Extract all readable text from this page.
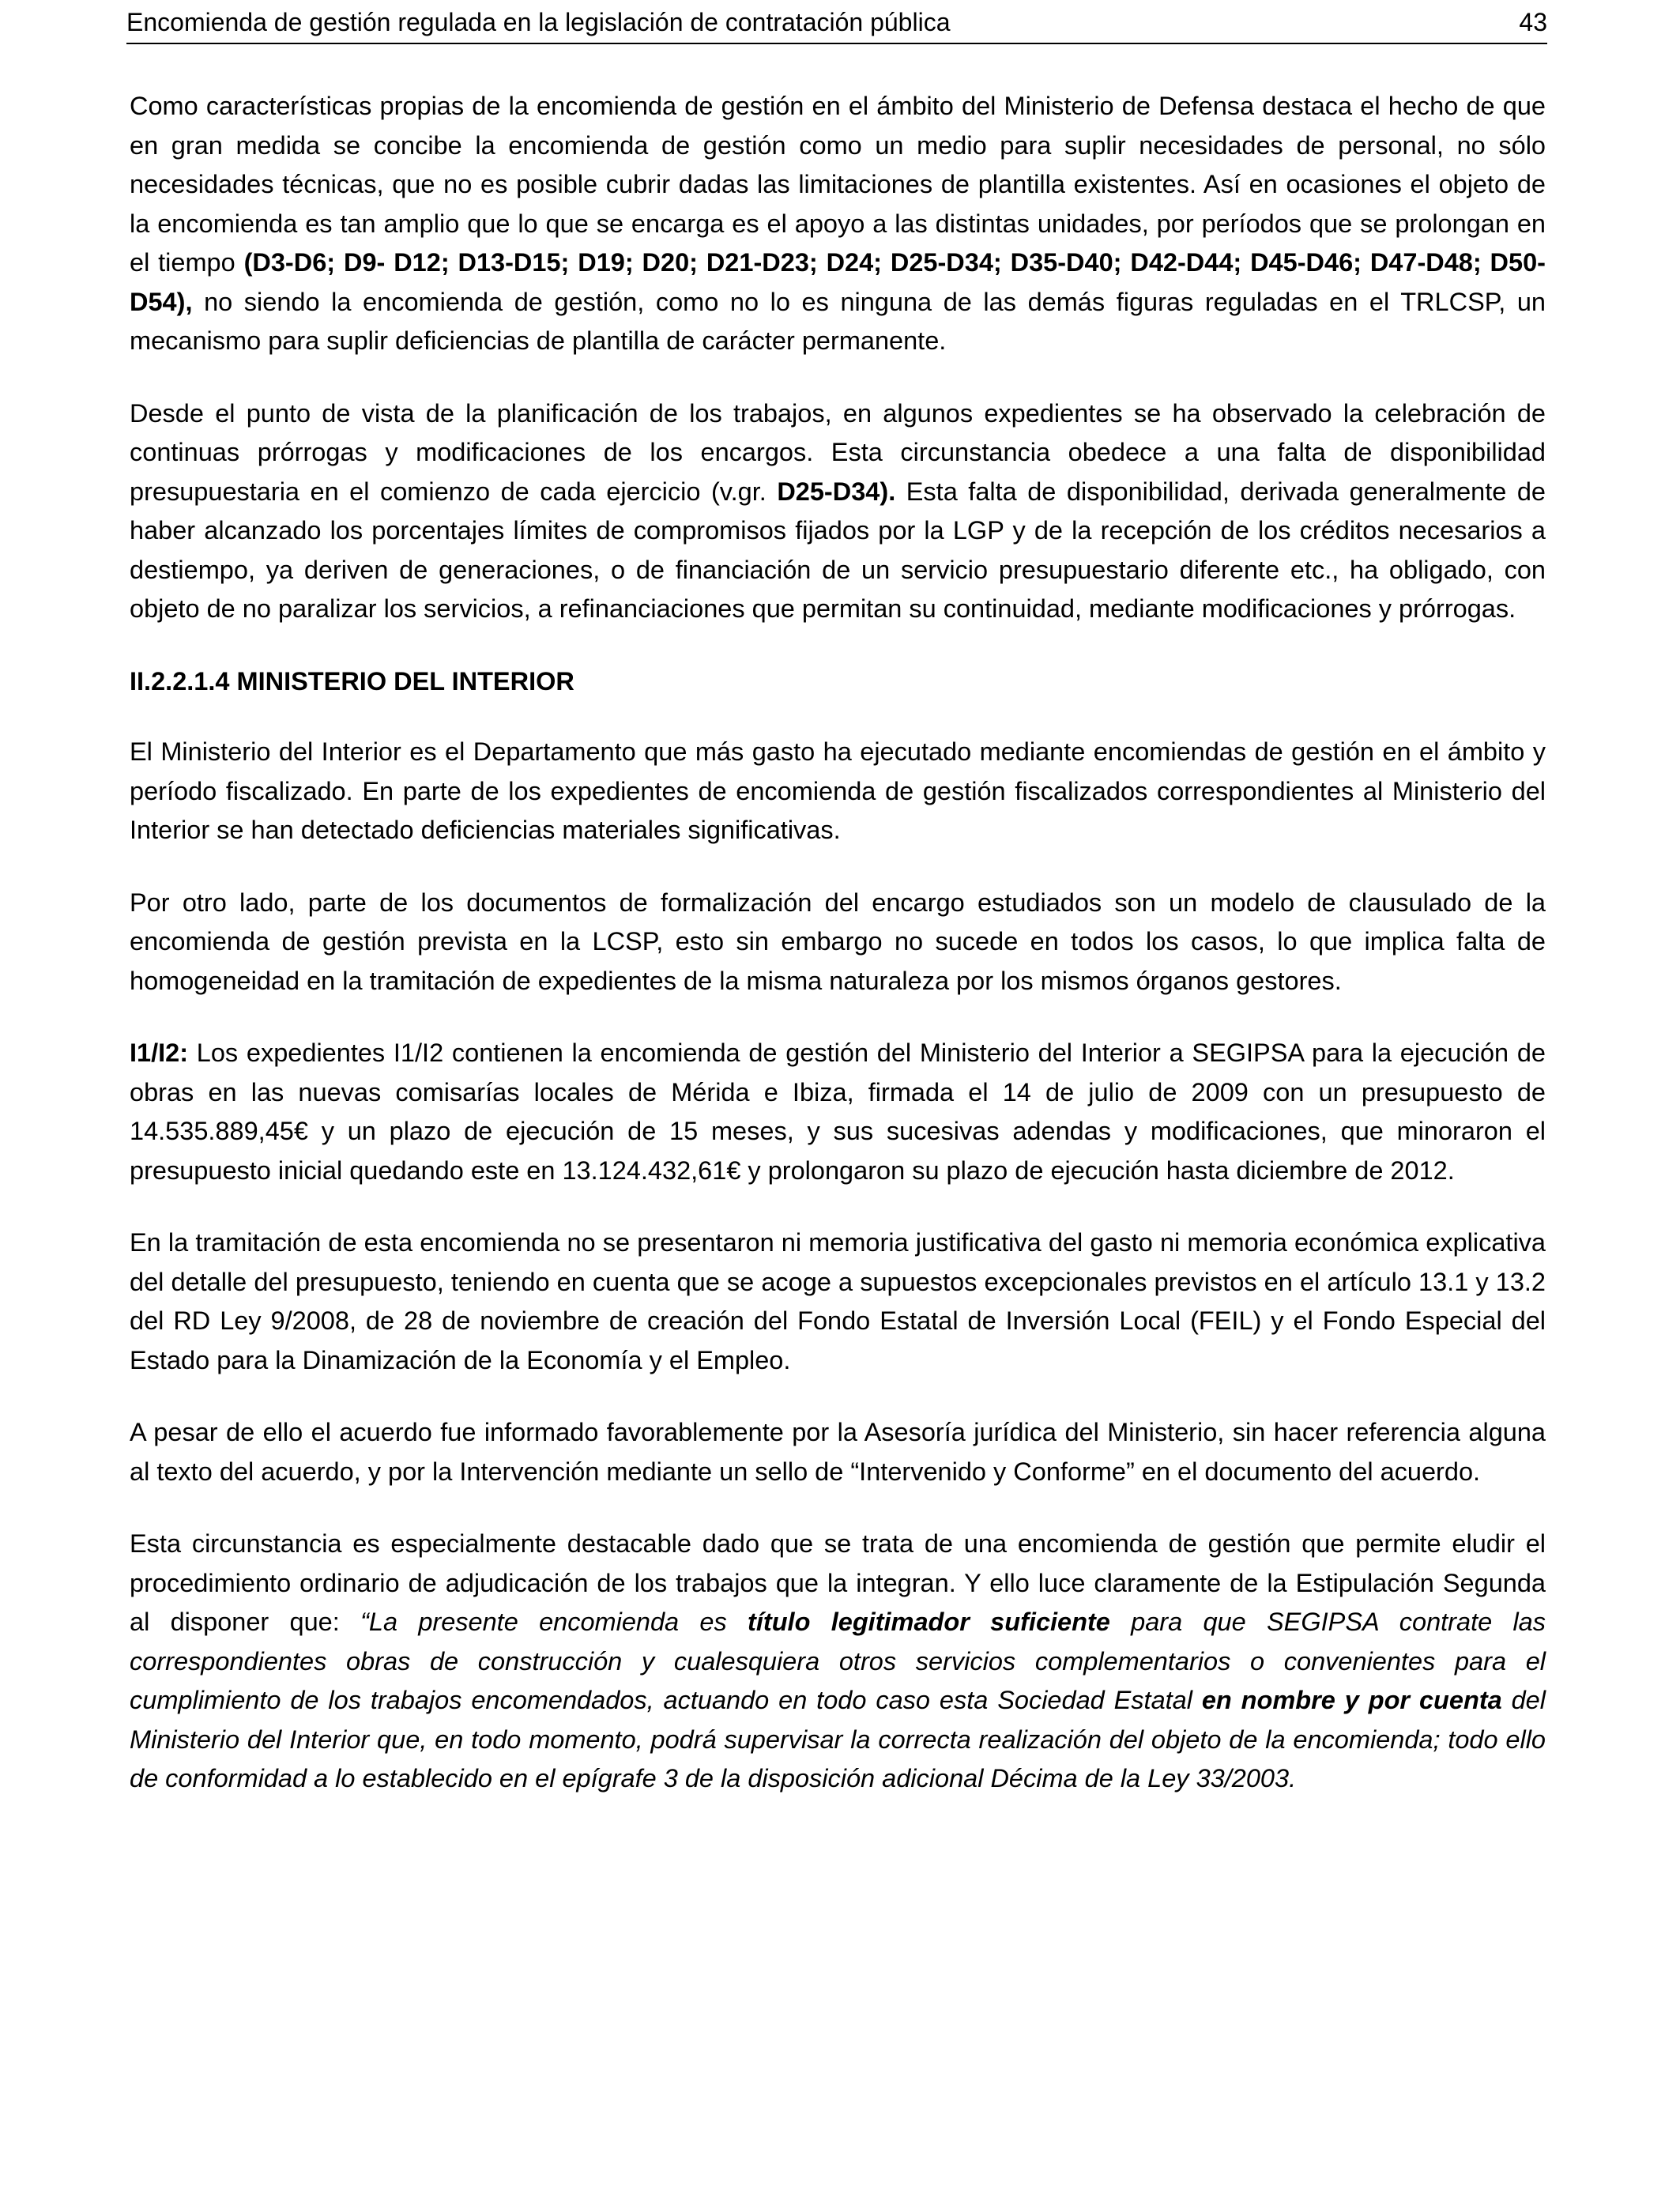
Encomienda de gestión regulada en la legislación de contratación pública	43

Como características propias de la encomienda de gestión en el ámbito del Ministerio de Defensa destaca el hecho de que en gran medida se concibe la encomienda de gestión como un medio para suplir necesidades de personal, no sólo necesidades técnicas, que no es posible cubrir dadas las limitaciones de plantilla existentes. Así en ocasiones el objeto de la encomienda es tan amplio que lo que se encarga es el apoyo a las distintas unidades, por períodos que se prolongan en el tiempo (D3-D6; D9- D12; D13-D15; D19; D20; D21-D23; D24; D25-D34; D35-D40; D42-D44; D45-D46; D47-D48; D50-D54), no siendo la encomienda de gestión, como no lo es ninguna de las demás figuras reguladas en el TRLCSP, un mecanismo para suplir deficiencias de plantilla de carácter permanente.

Desde el punto de vista de la planificación de los trabajos, en algunos expedientes se ha observado la celebración de continuas prórrogas y modificaciones de los encargos. Esta circunstancia obedece a una falta de disponibilidad presupuestaria en el comienzo de cada ejercicio (v.gr. D25-D34). Esta falta de disponibilidad, derivada generalmente de haber alcanzado los porcentajes límites de compromisos fijados por la LGP y de la recepción de los créditos necesarios a destiempo, ya deriven de generaciones, o de financiación de un servicio presupuestario diferente etc., ha obligado, con objeto de no paralizar los servicios, a refinanciaciones que permitan su continuidad, mediante modificaciones y prórrogas.

II.2.2.1.4 MINISTERIO DEL INTERIOR

El Ministerio del Interior es el Departamento que más gasto ha ejecutado mediante encomiendas de gestión en el ámbito y período fiscalizado. En parte de los expedientes de encomienda de gestión fiscalizados correspondientes al Ministerio del Interior se han detectado deficiencias materiales significativas.

Por otro lado, parte de los documentos de formalización del encargo estudiados son un modelo de clausulado de la encomienda de gestión prevista en la LCSP, esto sin embargo no sucede en todos los casos, lo que implica falta de homogeneidad en la tramitación de expedientes de la misma naturaleza por los mismos órganos gestores.

I1/I2: Los expedientes I1/I2 contienen la encomienda de gestión del Ministerio del Interior a SEGIPSA para la ejecución de obras en las nuevas comisarías locales de Mérida e Ibiza, firmada el 14 de julio de 2009 con un presupuesto de 14.535.889,45€ y un plazo de ejecución de 15 meses, y sus sucesivas adendas y modificaciones, que minoraron el presupuesto inicial quedando este en 13.124.432,61€ y prolongaron su plazo de ejecución hasta diciembre de 2012.

En la tramitación de esta encomienda no se presentaron ni memoria justificativa del gasto ni memoria económica explicativa del detalle del presupuesto, teniendo en cuenta que se acoge a supuestos excepcionales previstos en el artículo 13.1 y 13.2 del RD Ley 9/2008, de 28 de noviembre de creación del Fondo Estatal de Inversión Local (FEIL) y el Fondo Especial del Estado para la Dinamización de la Economía y el Empleo.

A pesar de ello el acuerdo fue informado favorablemente por la Asesoría jurídica del Ministerio, sin hacer referencia alguna al texto del acuerdo, y por la Intervención mediante un sello de “Intervenido y Conforme” en el documento del acuerdo.

Esta circunstancia es especialmente destacable dado que se trata de una encomienda de gestión que permite eludir el procedimiento ordinario de adjudicación de los trabajos que la integran. Y ello luce claramente de la Estipulación Segunda al disponer que: “La presente encomienda es título legitimador suficiente para que SEGIPSA contrate las correspondientes obras de construcción y cualesquiera otros servicios complementarios o convenientes para el cumplimiento de los trabajos encomendados, actuando en todo caso esta Sociedad Estatal en nombre y por cuenta del Ministerio del Interior que, en todo momento, podrá supervisar la correcta realización del objeto de la encomienda; todo ello de conformidad a lo establecido en el epígrafe 3 de la disposición adicional Décima de la Ley 33/2003.
